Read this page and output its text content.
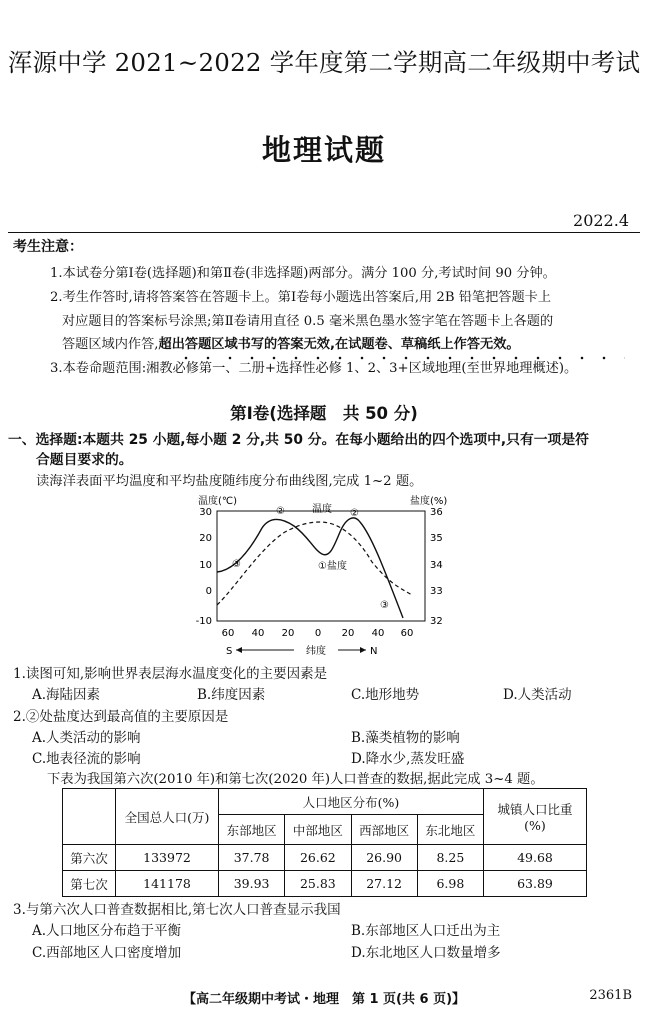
浑源中学 2021~2022 学年度第二学期高二年级期中考试
地理试题
2022.4
考生注意：
1.本试卷分第Ⅰ卷(选择题)和第Ⅱ卷(非选择题)两部分。满分 100 分,考试时间 90 分钟。
2.考生作答时,请将答案答在答题卡上。第Ⅰ卷每小题选出答案后,用 2B 铅笔把答题卡上
对应题目的答案标号涂黑;第Ⅱ卷请用直径 0.5 毫米黑色墨水签字笔在答题卡上各题的
答题区域内作答,超出答题区域书写的答案无效,在试题卷、草稿纸上作答无效。
3.本卷命题范围:湘教必修第一、二册+选择性必修 1、2、3+区域地理(至世界地理概述)。
第Ⅰ卷(选择题　共 50 分)
一、选择题:本题共 25 小题,每小题 2 分,共 50 分。在每小题给出的四个选项中,只有一项是符
合题目要求的。
读海洋表面平均温度和平均盐度随纬度分布曲线图,完成 1~2 题。
温度(℃)	盐度(%)
30
20
10
0
-10
36
35
34
33
32
③
②	温度 ②
①盐度
③
60 40 20 0 20 40 60
S	纬度	N
1.读图可知,影响世界表层海水温度变化的主要因素是
A.海陆因素	B.纬度因素	C.地形地势	D.人类活动
2.②处盐度达到最高值的主要原因是
A.人类活动的影响	B.藻类植物的影响
C.地表径流的影响	D.降水少,蒸发旺盛
下表为我国第六次(2010 年)和第七次(2020 年)人口普查的数据,据此完成 3~4 题。
	全国总人口(万)	人口地区分布(%)				城镇人口比重
(%)
		东部地区	中部地区	西部地区	东北地区	
第六次	133972	37.78	26.62	26.90	8.25	49.68
第七次	141178	39.93	25.83	27.12	6.98	63.89
3.与第六次人口普查数据相比,第七次人口普查显示我国
A.人口地区分布趋于平衡	B.东部地区人口迁出为主
C.西部地区人口密度增加	D.东北地区人口数量增多
【高二年级期中考试・地理　第 1 页(共 6 页)】	2361B
